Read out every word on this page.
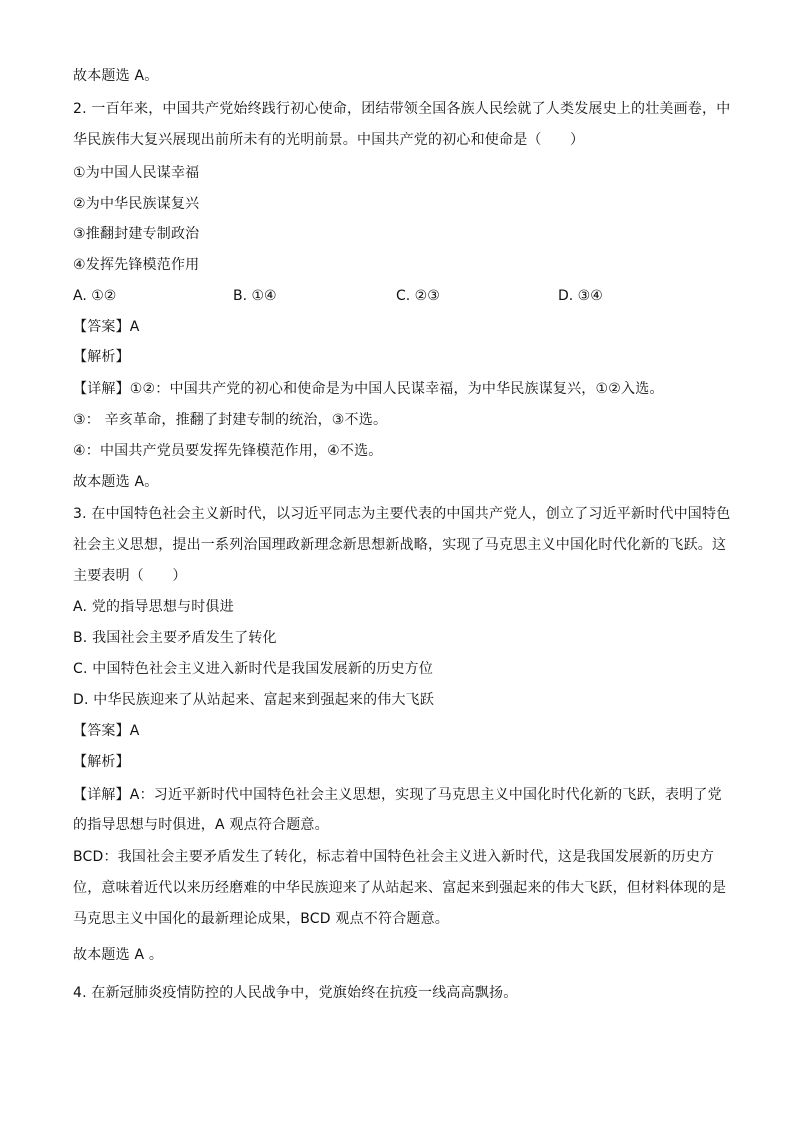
故本题选 A。
2. 一百年来，中国共产党始终践行初心使命，团结带领全国各族人民绘就了人类发展史上的壮美画卷，中
华民族伟大复兴展现出前所未有的光明前景。中国共产党的初心和使命是（　　）
①为中国人民谋幸福
②为中华民族谋复兴
③推翻封建专制政治
④发挥先锋模范作用
A. ①②	B. ①④	C. ②③	D. ③④
【答案】A
【解析】
【详解】①②：中国共产党的初心和使命是为中国人民谋幸福，为中华民族谋复兴，①②入选。
③： 辛亥革命，推翻了封建专制的统治，③不选。
④：中国共产党员要发挥先锋模范作用，④不选。
故本题选 A。
3. 在中国特色社会主义新时代，以习近平同志为主要代表的中国共产党人，创立了习近平新时代中国特色
社会主义思想，提出一系列治国理政新理念新思想新战略，实现了马克思主义中国化时代化新的飞跃。这
主要表明（　　）
A. 党的指导思想与时俱进
B. 我国社会主要矛盾发生了转化
C. 中国特色社会主义进入新时代是我国发展新的历史方位
D. 中华民族迎来了从站起来、富起来到强起来的伟大飞跃
【答案】A
【解析】
【详解】A：习近平新时代中国特色社会主义思想，实现了马克思主义中国化时代化新的飞跃，表明了党
的指导思想与时俱进，A 观点符合题意。
BCD：我国社会主要矛盾发生了转化，标志着中国特色社会主义进入新时代，这是我国发展新的历史方
位，意味着近代以来历经磨难的中华民族迎来了从站起来、富起来到强起来的伟大飞跃，但材料体现的是
马克思主义中国化的最新理论成果，BCD 观点不符合题意。
故本题选 A 。
4. 在新冠肺炎疫情防控的人民战争中，党旗始终在抗疫一线高高飘扬。
